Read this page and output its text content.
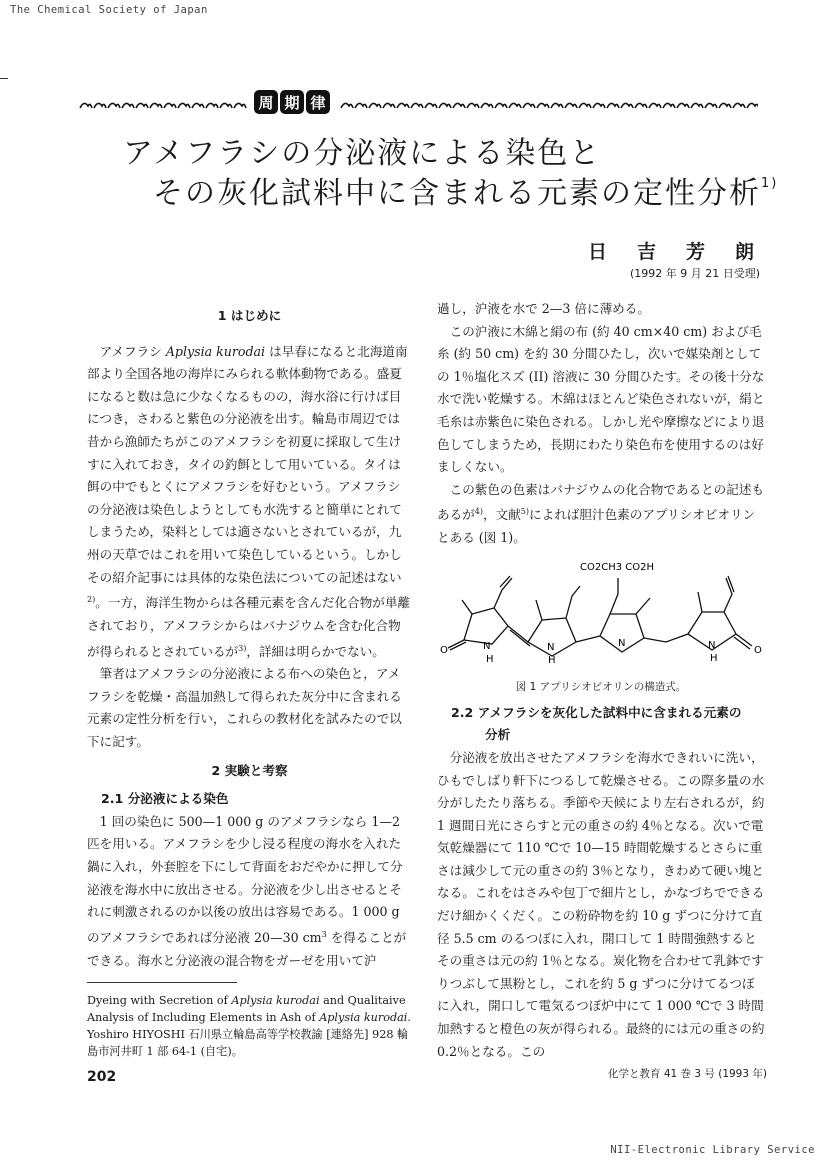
The Chemical Society of Japan
周 期 律
アメフラシの分泌液による染色と
その灰化試料中に含まれる元素の定性分析$^{1)}$
日吉芳朗
(1992 年 9 月 21 日受理)

1 はじめに

アメフラシ Aplysia kurodai は早春になると北海道南部より全国各地の海岸にみられる軟体動物である。盛夏になると数は急に少なくなるものの，海水浴に行けば目につき，さわると紫色の分泌液を出す。輪島市周辺では昔から漁師たちがこのアメフラシを初夏に採取して生けすに入れておき，タイの釣餌として用いている。タイは餌の中でもとくにアメフラシを好むという。アメフラシの分泌液は染色しようとしても水洗すると簡単にとれてしまうため，染料としては適さないとされているが，九州の天草ではこれを用いて染色しているという。しかしその紹介記事には具体的な染色法についての記述はない$^{2)}$。一方，海洋生物からは各種元素を含んだ化合物が単離されており，アメフラシからはバナジウムを含む化合物が得られるとされているが$^{3)}$，詳細は明らかでない。

筆者はアメフラシの分泌液による布への染色と，アメフラシを乾燥・高温加熱して得られた灰分中に含まれる元素の定性分析を行い，これらの教材化を試みたので以下に記す。

2 実験と考察

2.1 分泌液による染色

1 回の染色に 500—1 000 g のアメフラシなら 1—2 匹を用いる。アメフラシを少し浸る程度の海水を入れた鍋に入れ，外套腔を下にして背面をおだやかに押して分泌液を海水中に放出させる。分泌液を少し出させるとそれに刺激されるのか以後の放出は容易である。1 000 g のアメフラシであれば分泌液 20—30 $cm^3$ を得ることができる。海水と分泌液の混合物をガーゼを用いて沪

Dyeing with Secretion of Aplysia kurodai and Qualitaive Analysis of Including Elements in Ash of Aplysia kurodai.
Yoshiro HIYOSHI 石川県立輪島高等学校教諭 [連絡先] 928 輪島市河井町 1 部 64-1 (自宅)。

過し，沪液を水で 2—3 倍に薄める。

この沪液に木綿と絹の布 (約 40 cm×40 cm) および毛糸 (約 50 cm) を約 30 分間ひたし，次いで媒染剤としての 1％塩化スズ (II) 溶液に 30 分間ひたす。その後十分な水で洗い乾燥する。木綿はほとんど染色されないが，絹と毛糸は赤紫色に染色される。しかし光や摩擦などにより退色してしまうため，長期にわたり染色布を使用するのは好ましくない。

この紫色の色素はバナジウムの化合物であるとの記述もあるが$^{4)}$，文献$^{5)}$によれば胆汁色素のアプリシオビオリンとある (図 1)。

2.2 アメフラシを灰化した試料中に含まれる元素の

分析

分泌液を放出させたアメフラシを海水できれいに洗い，ひもでしばり軒下につるして乾燥させる。この際多量の水分がしたたり落ちる。季節や天候により左右されるが，約 1 週間日光にさらすと元の重さの約 4％となる。次いで電気乾燥器にて 110 ℃で 10—15 時間乾燥するとさらに重さは減少して元の重さの約 3％となり，きわめて硬い塊となる。これをはさみや包丁で細片とし，かなづちでできるだけ細かくくだく。この粉砕物を約 10 g ずつに分けて直径 5.5 cm のるつぼに入れ，開口して 1 時間強熱するとその重さは元の約 1％となる。炭化物を合わせて乳鉢ですりつぶして黒粉とし，これを約 5 g ずつに分けてるつぼに入れ，開口して電気るつぼ炉中にて 1 000 ℃で 3 時間加熱すると橙色の灰が得られる。最終的には元の重さの約 0.2％となる。この

CO2CH3 CO2H
O	N
H
N
H
N	N
H
O
図 1 アプリシオビオリンの構造式。
202	化学と教育 41 巻 3 号 (1993 年)
NII-Electronic Library Service
